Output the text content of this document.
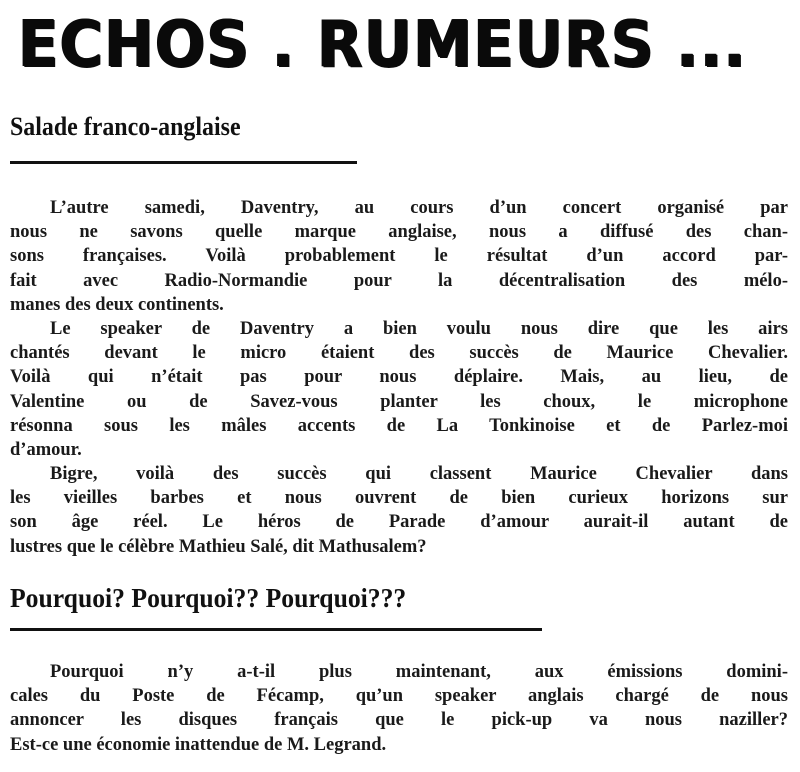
ECHOS . RUMEURS ...
Salade franco-anglaise
L’autre samedi, Daventry, au cours d’un concert organisé par
nous ne savons quelle marque anglaise, nous a diffusé des chan-
sons françaises. Voilà probablement le résultat d’un accord par-
fait avec Radio-Normandie pour la décentralisation des mélo-
manes des deux continents.
Le speaker de Daventry a bien voulu nous dire que les airs
chantés devant le micro étaient des succès de Maurice Chevalier.
Voilà qui n’était pas pour nous déplaire. Mais, au lieu, de
Valentine ou de Savez-vous planter les choux, le microphone
résonna sous les mâles accents de La Tonkinoise et de Parlez-moi
d’amour.
Bigre, voilà des succès qui classent Maurice Chevalier dans
les vieilles barbes et nous ouvrent de bien curieux horizons sur
son âge réel. Le héros de Parade d’amour aurait-il autant de
lustres que le célèbre Mathieu Salé, dit Mathusalem?
Pourquoi? Pourquoi?? Pourquoi???
Pourquoi n’y a-t-il plus maintenant, aux émissions domini-
cales du Poste de Fécamp, qu’un speaker anglais chargé de nous
annoncer les disques français que le pick-up va nous naziller?
Est-ce une économie inattendue de M. Legrand.
